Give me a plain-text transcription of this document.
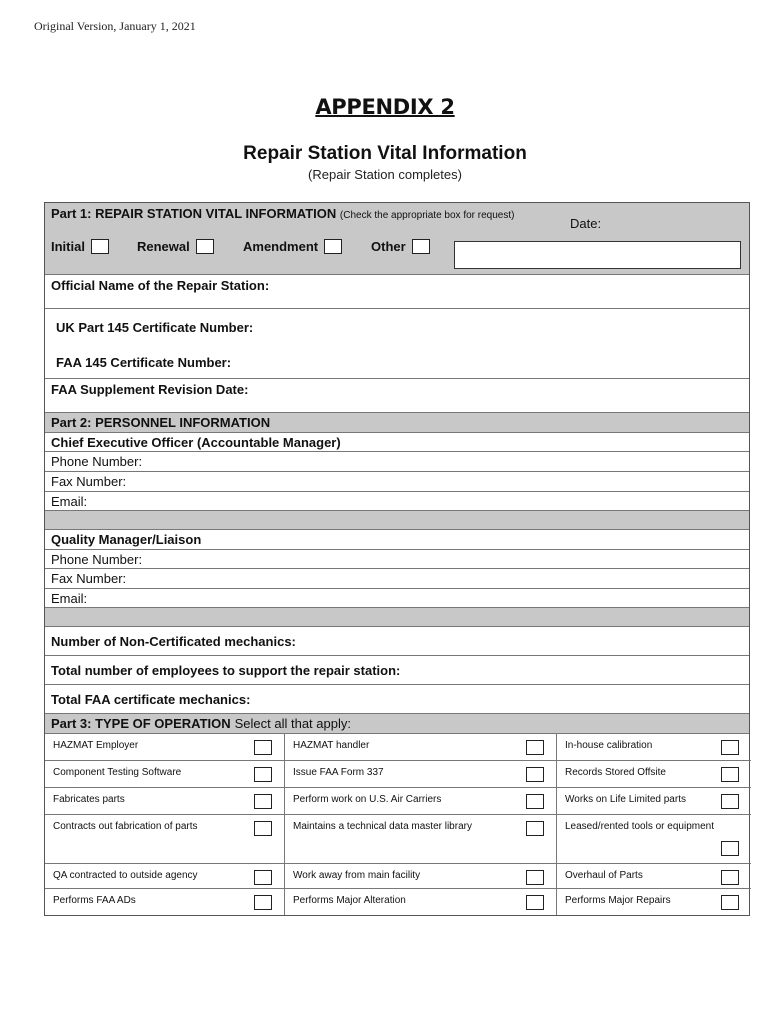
Original Version, January 1, 2021
APPENDIX 2
Repair Station Vital Information
(Repair Station completes)
Part 1: REPAIR STATION VITAL INFORMATION (Check the appropriate box for request)
Date:
Initial	Renewal	Amendment	Other
Official Name of the Repair Station:
UK Part 145 Certificate Number:
FAA 145 Certificate Number:
FAA Supplement Revision Date:
Part 2: PERSONNEL INFORMATION
Chief Executive Officer (Accountable Manager)
Phone Number:
Fax Number:
Email:
Quality Manager/Liaison
Phone Number:
Fax Number:
Email:
Number of Non-Certificated mechanics:
Total number of employees to support the repair station:
Total FAA certificate mechanics:
Part 3: TYPE OF OPERATION Select all that apply:
HAZMAT Employer	HAZMAT handler	In-house calibration
Component Testing Software	Issue FAA Form 337	Records Stored Offsite
Fabricates parts	Perform work on U.S. Air Carriers	Works on Life Limited parts
Contracts out fabrication of parts	Maintains a technical data master library	Leased/rented tools or equipment
QA contracted to outside agency	Work away from main facility	Overhaul of Parts
Performs FAA ADs	Performs Major Alteration	Performs Major Repairs
